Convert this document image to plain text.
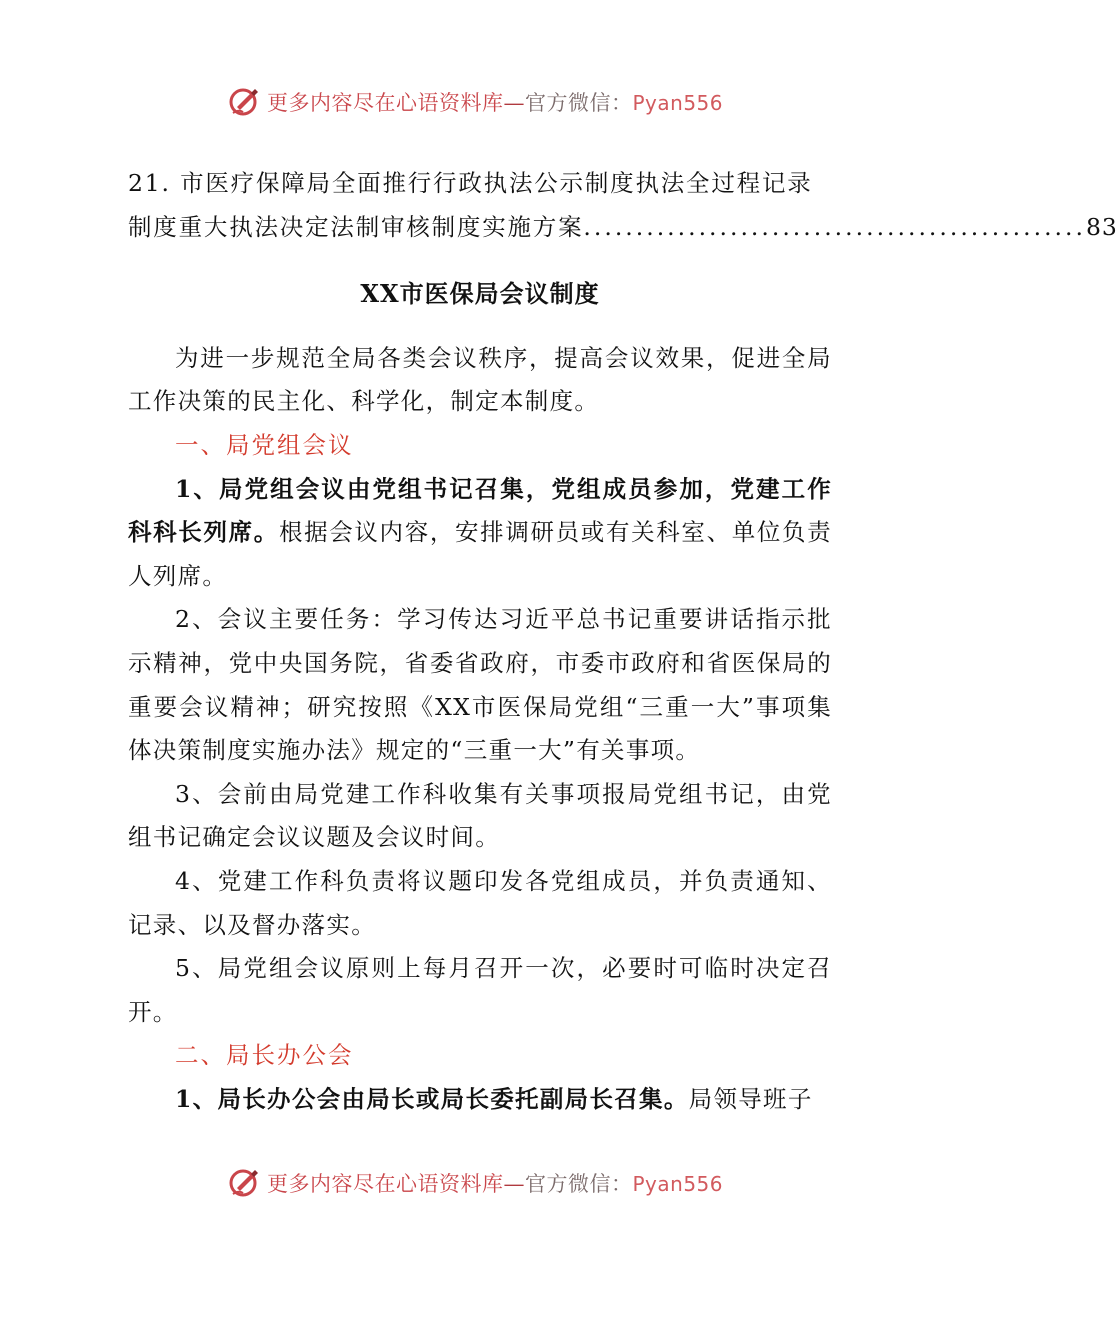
更多内容尽在心语资料库—官方微信：Pyan556
21.
市医疗保障局全面推行行政执法公示制度执法全过程记录
制度重大执法决定法制审核制度实施方案 ................................................ 83
XX市医保局会议制度

为进一步规范全局各类会议秩序，提高会议效果，促进全局工作决策的民主化、科学化，制定本制度。

一、局党组会议

1、局党组会议由党组书记召集，党组成员参加，党建工作科科长列席。根据会议内容，安排调研员或有关科室、单位负责人列席。

2、会议主要任务：学习传达习近平总书记重要讲话指示批示精神，党中央国务院，省委省政府，市委市政府和省医保局的重要会议精神；研究按照《XX市医保局党组“三重一大”事项集体决策制度实施办法》规定的“三重一大”有关事项。

3、会前由局党建工作科收集有关事项报局党组书记，由党组书记确定会议议题及会议时间。

4、党建工作科负责将议题印发各党组成员，并负责通知、记录、以及督办落实。

5、局党组会议原则上每月召开一次，必要时可临时决定召开。

二、局长办公会

1、局长办公会由局长或局长委托副局长召集。局领导班子

更多内容尽在心语资料库—官方微信：Pyan556
